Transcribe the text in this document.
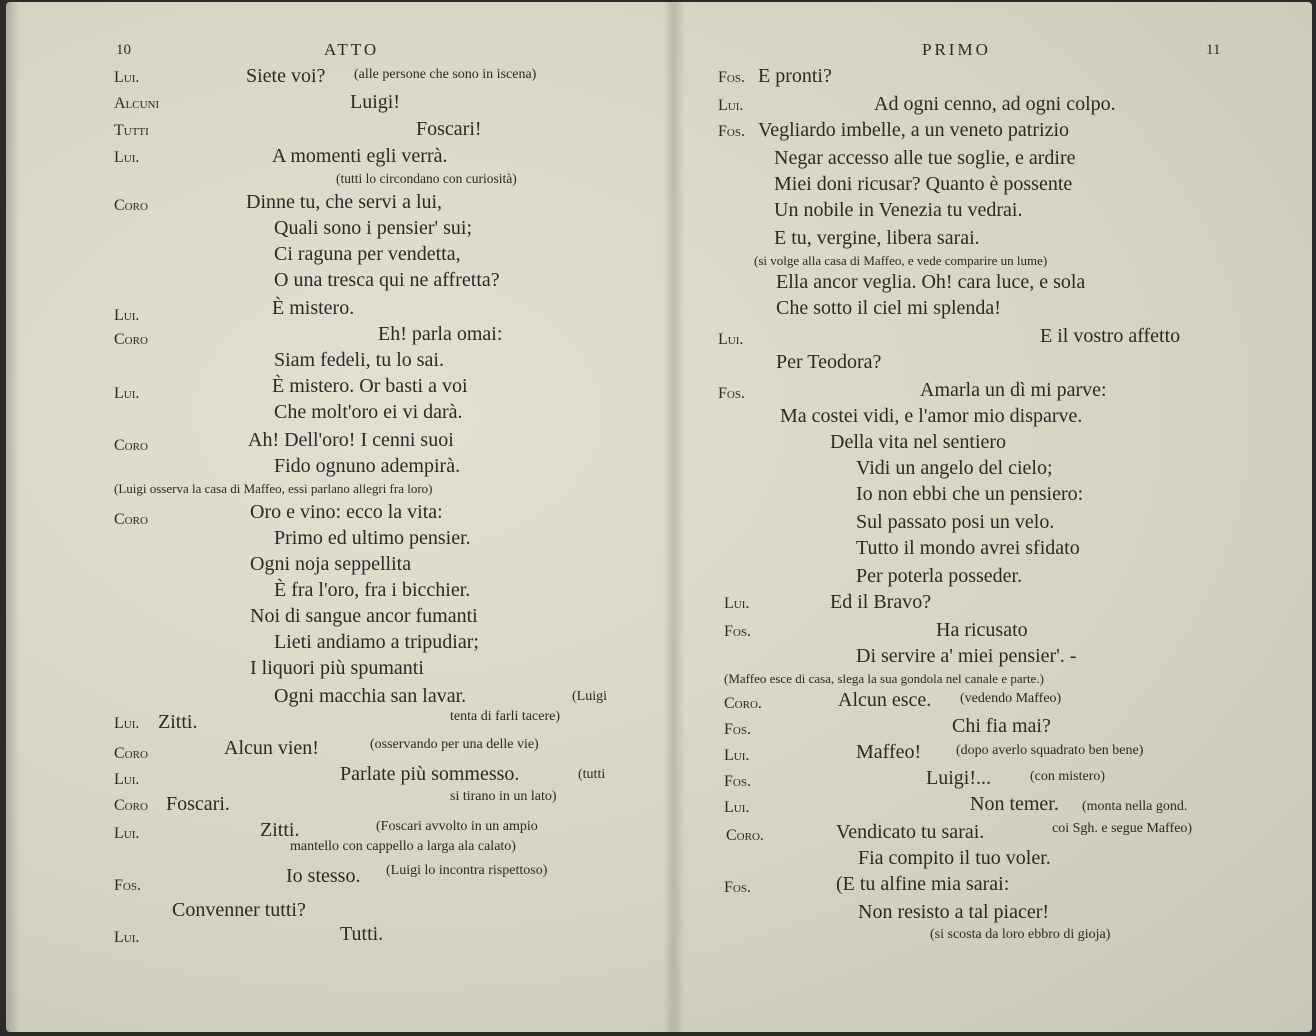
10	ATTO
Lui.	Siete voi? (alle persone che sono in iscena)
Alcuni	Luigi!
Tutti	Foscari!
Lui.	A momenti egli verrà.
(tutti lo circondano con curiosità)
Coro	Dinne tu, che servi a lui,
Quali sono i pensier' sui;
Ci raguna per vendetta,
O una tresca qui ne affretta?
Lui.	È mistero.
Coro	Eh! parla omai:
Siam fedeli, tu lo sai.
Lui.	È mistero. Or basti a voi
Che molt'oro ei vi darà.
Coro	Ah! Dell'oro! I cenni suoi
Fido ognuno adempirà.
(Luigi osserva la casa di Maffeo, essi parlano allegri fra loro)
Coro	Oro e vino: ecco la vita:
Primo ed ultimo pensier.
Ogni noja seppellita
È fra l'oro, fra i bicchier.
Noi di sangue ancor fumanti
Lieti andiamo a tripudiar;
I liquori più spumanti
Ogni macchia san lavar.	(Luigi
Lui. Zitti.	tenta di farli tacere)
Coro	Alcun vien!	(osservando per una delle vie)
Lui.	Parlate più sommesso.	(tutti
Coro Foscari.	si tirano in un lato)
Lui.	Zitti.	(Foscari avvolto in un ampio
mantello con cappello a larga ala calato)
Fos.	Io stesso. (Luigi lo incontra rispettoso)
Convenner tutti?
Lui.	Tutti.
PRIMO	11
Fos. E pronti?
Lui.	Ad ogni cenno, ad ogni colpo.
Fos. Vegliardo imbelle, a un veneto patrizio
Negar accesso alle tue soglie, e ardire
Miei doni ricusar? Quanto è possente
Un nobile in Venezia tu vedrai.
E tu, vergine, libera sarai.
(si volge alla casa di Maffeo, e vede comparire un lume)
Ella ancor veglia. Oh! cara luce, e sola
Che sotto il ciel mi splenda!
Lui.	E il vostro affetto
Per Teodora?
Fos.	Amarla un dì mi parve:
Ma costei vidi, e l'amor mio disparve.
Della vita nel sentiero
Vidi un angelo del cielo;
Io non ebbi che un pensiero:
Sul passato posi un velo.
Tutto il mondo avrei sfidato
Per poterla posseder.
Lui.	Ed il Bravo?
Fos.	Ha ricusato
Di servire a' miei pensier'. -
(Maffeo esce di casa, slega la sua gondola nel canale e parte.)
Coro.	Alcun esce. (vedendo Maffeo)
Fos.	Chi fia mai?
Lui.	Maffeo! (dopo averlo squadrato ben bene)
Fos.	Luigi!...	(con mistero)
Lui.	Non temer. (monta nella gond.
Coro.	Vendicato tu sarai.	coi Sgh. e segue Maffeo)
Fia compito il tuo voler.
Fos.	(E tu alfine mia sarai:
Non resisto a tal piacer!
(si scosta da loro ebbro di gioja)
